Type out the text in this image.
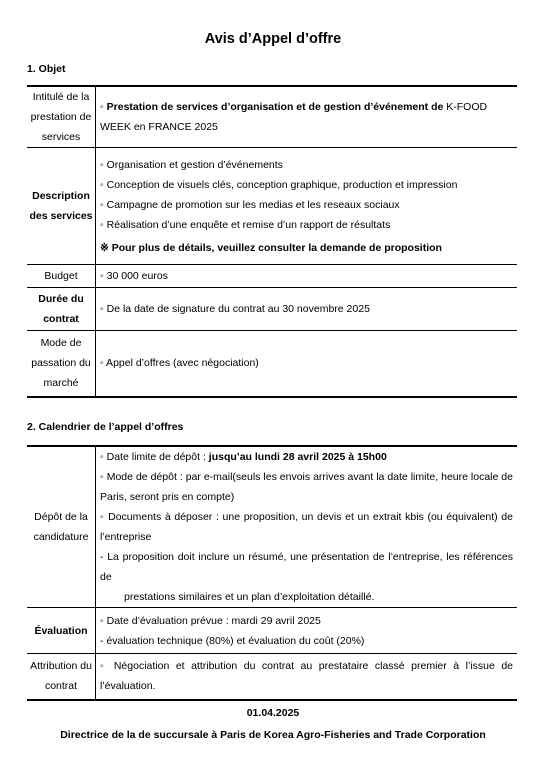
Avis d’Appel d’offre
1. Objet
Intitulé de la prestation de services	◦ Prestation de services d’organisation et de gestion d’événement de K-FOOD WEEK en FRANCE 2025
Description des services	◦ Organisation et gestion d’événements
◦ Conception de visuels clés, conception graphique, production et impression
◦ Campagne de promotion sur les medias et les reseaux sociaux
◦ Réalisation d’une enquête et remise d’un rapport de résultats
※ Pour plus de détails, veuillez consulter la demande de proposition

Budget	◦ 30 000 euros
Durée du contrat	◦ De la date de signature du contrat au 30 novembre 2025
Mode de passation du marché	◦ Appel d’offres (avec négociation)
2. Calendrier de l’appel d’offres
Dépôt de la candidature	◦ Date limite de dépôt : jusqu’au lundi 28 avril 2025 à 15h00
◦ Mode de dépôt : par e-mail(seuls les envois arrives avant la date limite, heure locale de Paris, seront pris en compte)
◦ Documents à déposer : une proposition, un devis et un extrait kbis (ou équivalent) de l’entreprise
- La proposition doit inclure un résumé, une présentation de l’entreprise, les références de
prestations similaires et un plan d’exploitation détaillé.

Évaluation	◦ Date d’évaluation prévue : mardi 29 avril 2025
- évaluation technique (80%) et évaluation du coût (20%)

Attribution du contrat	◦ Négociation et attribution du contrat au prestataire classé premier à l’issue de l’évaluation.
01.04.2025
Directrice de la de succursale à Paris de Korea Agro-Fisheries and Trade Corporation
